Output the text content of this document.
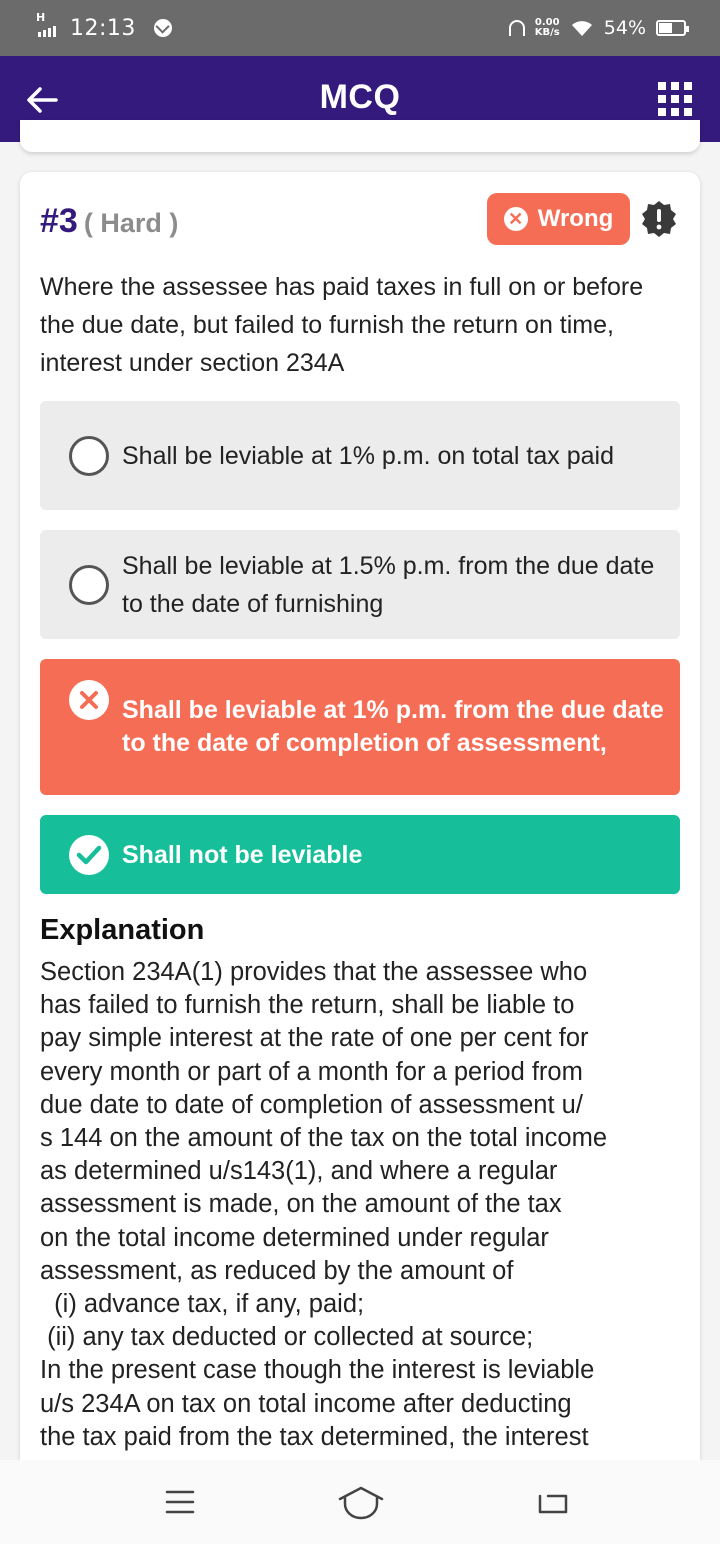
H 12:13	0.00
KB/s 54%
MCQ
#3 ( Hard )	✕ Wrong
Where the assessee has paid taxes in full on or before the due date, but failed to furnish the return on time, interest under section 234A
Shall be leviable at 1% p.m. on total tax paid
Shall be leviable at 1.5% p.m. from the due date to the date of furnishing
Shall be leviable at 1% p.m. from the due date to the date of completion of assessment,
Shall not be leviable
Explanation
Section 234A(1) provides that the assessee who
has failed to furnish the return, shall be liable to
pay simple interest at the rate of one per cent for
every month or part of a month for a period from
due date to date of completion of assessment u/
s 144 on the amount of the tax on the total income
as determined u/s143(1), and where a regular
assessment is made, on the amount of the tax
on the total income determined under regular
assessment, as reduced by the amount of
(i) advance tax, if any, paid;
(ii) any tax deducted or collected at source;
In the present case though the interest is leviable
u/s 234A on tax on total income after deducting
the tax paid from the tax determined, the interest
